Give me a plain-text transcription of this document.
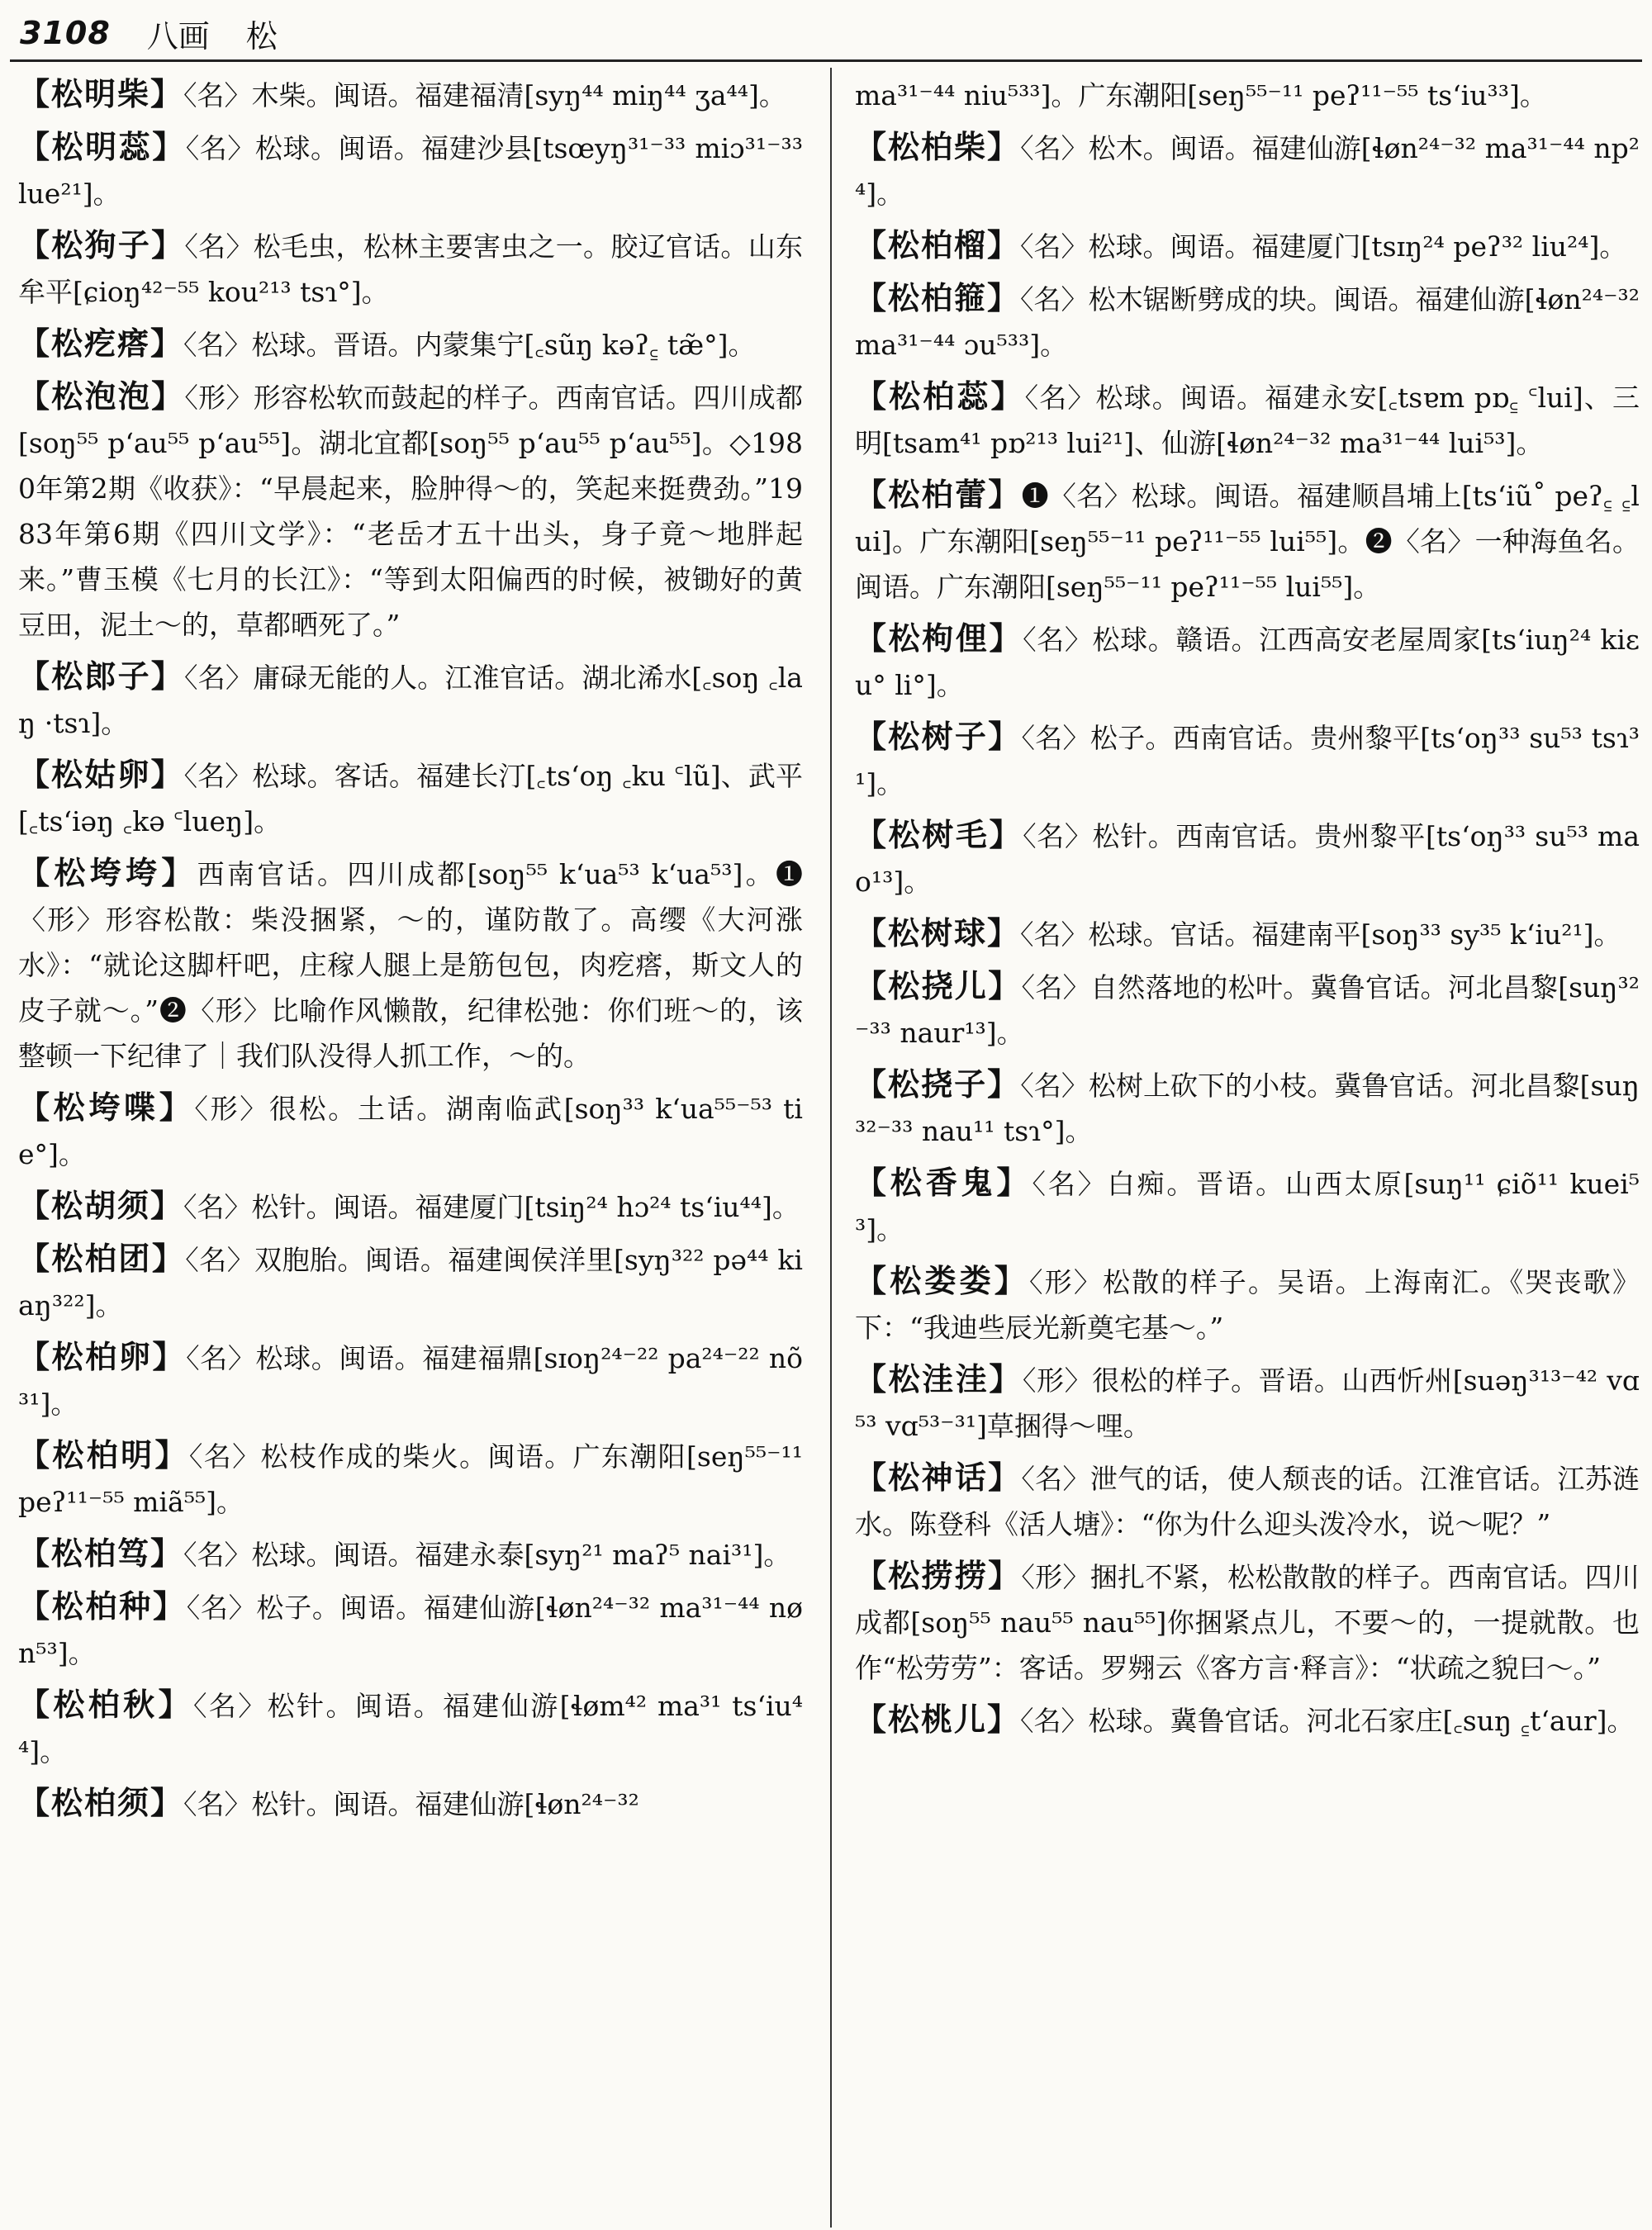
3108 八画 松
【松明柴】〈名〉木柴。闽语。福建福清[syŋ⁴⁴ miŋ⁴⁴ ʒa⁴⁴]。
【松明蕊】〈名〉松球。闽语。福建沙县[tsœyŋ³¹⁻³³ miɔ³¹⁻³³ lue²¹]。
【松狗子】〈名〉松毛虫，松林主要害虫之一。胶辽官话。山东牟平[ɕioŋ⁴²⁻⁵⁵ kou²¹³ tsɿ°]。
【松疙瘩】〈名〉松球。晋语。内蒙集宁[꜀sũŋ kəʔ꜁ tæ̃°]。
【松泡泡】〈形〉形容松软而鼓起的样子。西南官话。四川成都[soŋ⁵⁵ pʻau⁵⁵ pʻau⁵⁵]。湖北宜都[soŋ⁵⁵ pʻau⁵⁵ pʻau⁵⁵]。◇1980年第2期《收获》：“早晨起来，脸肿得～的，笑起来挺费劲。”1983年第6期《四川文学》：“老岳才五十出头，身子竟～地胖起来。”曹玉模《七月的长江》：“等到太阳偏西的时候，被锄好的黄豆田，泥土～的，草都晒死了。”
【松郎子】〈名〉庸碌无能的人。江淮官话。湖北浠水[꜀soŋ ꜀laŋ ·tsɿ]。
【松姑卵】〈名〉松球。客话。福建长汀[꜀tsʻoŋ ꜀ku ꜂lũ]、武平[꜀tsʻiəŋ ꜀kə ꜂lueŋ]。
【松垮垮】西南官话。四川成都[soŋ⁵⁵ kʻua⁵³ kʻua⁵³]。❶〈形〉形容松散：柴没捆紧，～的，谨防散了。高缨《大河涨水》：“就论这脚杆吧，庄稼人腿上是筋包包，肉疙瘩，斯文人的皮子就～。”❷〈形〉比喻作风懒散，纪律松弛：你们班～的，该整顿一下纪律了｜我们队没得人抓工作，～的。
【松垮喋】〈形〉很松。土话。湖南临武[soŋ³³ kʻua⁵⁵⁻⁵³ tie°]。
【松胡须】〈名〉松针。闽语。福建厦门[tsiŋ²⁴ hɔ²⁴ tsʻiu⁴⁴]。
【松柏团】〈名〉双胞胎。闽语。福建闽侯洋里[syŋ³²² pə⁴⁴ kiaŋ³²²]。
【松柏卵】〈名〉松球。闽语。福建福鼎[sɪoŋ²⁴⁻²² pa²⁴⁻²² nõ³¹]。
【松柏明】〈名〉松枝作成的柴火。闽语。广东潮阳[seŋ⁵⁵⁻¹¹ peʔ¹¹⁻⁵⁵ miã⁵⁵]。
【松柏笃】〈名〉松球。闽语。福建永泰[syŋ²¹ maʔ⁵ nai³¹]。
【松柏种】〈名〉松子。闽语。福建仙游[ɬøn²⁴⁻³² ma³¹⁻⁴⁴ nøn⁵³]。
【松柏秋】〈名〉松针。闽语。福建仙游[ɬøm⁴² ma³¹ tsʻiu⁴⁴]。
【松柏须】〈名〉松针。闽语。福建仙游[ɬøn²⁴⁻³²
ma³¹⁻⁴⁴ niu⁵³³]。广东潮阳[seŋ⁵⁵⁻¹¹ peʔ¹¹⁻⁵⁵ tsʻiu³³]。
【松柏柴】〈名〉松木。闽语。福建仙游[ɬøn²⁴⁻³² ma³¹⁻⁴⁴ np²⁴]。
【松柏榴】〈名〉松球。闽语。福建厦门[tsɪŋ²⁴ peʔ³² liu²⁴]。
【松柏箍】〈名〉松木锯断劈成的块。闽语。福建仙游[ɬøn²⁴⁻³² ma³¹⁻⁴⁴ ɔu⁵³³]。
【松柏蕊】〈名〉松球。闽语。福建永安[꜀tsɐm pɒ꜁ ꜂lui]、三明[tsam⁴¹ pɒ²¹³ lui²¹]、仙游[ɬøn²⁴⁻³² ma³¹⁻⁴⁴ lui⁵³]。
【松柏蕾】❶〈名〉松球。闽语。福建顺昌埔上[tsʻiũ˚ peʔ꜁ ꜁lui]。广东潮阳[seŋ⁵⁵⁻¹¹ peʔ¹¹⁻⁵⁵ lui⁵⁵]。❷〈名〉一种海鱼名。闽语。广东潮阳[seŋ⁵⁵⁻¹¹ peʔ¹¹⁻⁵⁵ lui⁵⁵]。
【松枸俚】〈名〉松球。赣语。江西高安老屋周家[tsʻiuŋ²⁴ kiɛu° li°]。
【松树子】〈名〉松子。西南官话。贵州黎平[tsʻoŋ³³ su⁵³ tsɿ³¹]。
【松树毛】〈名〉松针。西南官话。贵州黎平[tsʻoŋ³³ su⁵³ mao¹³]。
【松树球】〈名〉松球。官话。福建南平[soŋ³³ sy³⁵ kʻiu²¹]。
【松挠儿】〈名〉自然落地的松叶。冀鲁官话。河北昌黎[suŋ³²⁻³³ naur¹³]。
【松挠子】〈名〉松树上砍下的小枝。冀鲁官话。河北昌黎[suŋ³²⁻³³ nau¹¹ tsɿ°]。
【松香鬼】〈名〉白痴。晋语。山西太原[suŋ¹¹ ɕiõ¹¹ kuei⁵³]。
【松娄娄】〈形〉松散的样子。吴语。上海南汇。《哭丧歌》下：“我迪些辰光新奠宅基～。”
【松洼洼】〈形〉很松的样子。晋语。山西忻州[suəŋ³¹³⁻⁴² vɑ⁵³ vɑ⁵³⁻³¹]草捆得～哩。
【松神话】〈名〉泄气的话，使人颓丧的话。江淮官话。江苏涟水。陈登科《活人塘》：“你为什么迎头泼冷水，说～呢？”
【松捞捞】〈形〉捆扎不紧，松松散散的样子。西南官话。四川成都[soŋ⁵⁵ nau⁵⁵ nau⁵⁵]你捆紧点儿，不要～的，一提就散。也作“松劳劳”：客话。罗翙云《客方言·释言》：“状疏之貌曰～。”
【松桃儿】〈名〉松球。冀鲁官话。河北石家庄[꜀suŋ ꜁tʻaur]。
